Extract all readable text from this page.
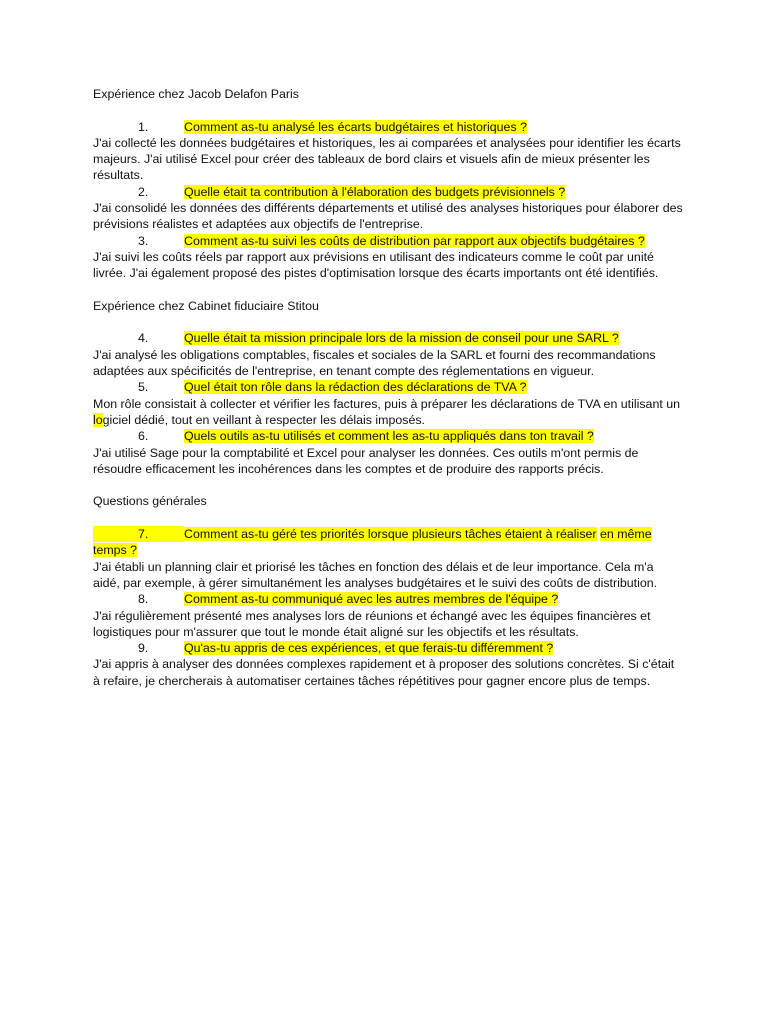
Expérience chez Jacob Delafon Paris

1.	Comment as-tu analysé les écarts budgétaires et historiques ?

J'ai collecté les données budgétaires et historiques, les ai comparées et analysées pour identifier les écarts majeurs. J'ai utilisé Excel pour créer des tableaux de bord clairs et visuels afin de mieux présenter les résultats.

2.	Quelle était ta contribution à l'élaboration des budgets prévisionnels ?

J'ai consolidé les données des différents départements et utilisé des analyses historiques pour élaborer des prévisions réalistes et adaptées aux objectifs de l'entreprise.

3.	Comment as-tu suivi les coûts de distribution par rapport aux objectifs budgétaires ?

J'ai suivi les coûts réels par rapport aux prévisions en utilisant des indicateurs comme le coût par unité livrée. J'ai également proposé des pistes d'optimisation lorsque des écarts importants ont été identifiés.

Expérience chez Cabinet fiduciaire Stitou

4.	Quelle était ta mission principale lors de la mission de conseil pour une SARL ?

J'ai analysé les obligations comptables, fiscales et sociales de la SARL et fourni des recommandations adaptées aux spécificités de l'entreprise, en tenant compte des réglementations en vigueur.

5.	Quel était ton rôle dans la rédaction des déclarations de TVA ?

Mon rôle consistait à collecter et vérifier les factures, puis à préparer les déclarations de TVA en utilisant un logiciel dédié, tout en veillant à respecter les délais imposés.

6.	Quels outils as-tu utilisés et comment les as-tu appliqués dans ton travail ?

J'ai utilisé Sage pour la comptabilité et Excel pour analyser les données. Ces outils m'ont permis de résoudre efficacement les incohérences dans les comptes et de produire des rapports précis.

Questions générales

7.	Comment as-tu géré tes priorités lorsque plusieurs tâches étaient à réaliser en même
temps ?

J'ai établi un planning clair et priorisé les tâches en fonction des délais et de leur importance. Cela m'a aidé, par exemple, à gérer simultanément les analyses budgétaires et le suivi des coûts de distribution.

8.	Comment as-tu communiqué avec les autres membres de l'équipe ?

J'ai régulièrement présenté mes analyses lors de réunions et échangé avec les équipes financières et logistiques pour m'assurer que tout le monde était aligné sur les objectifs et les résultats.

9.	Qu'as-tu appris de ces expériences, et que ferais-tu différemment ?

J'ai appris à analyser des données complexes rapidement et à proposer des solutions concrètes. Si c'était à refaire, je chercherais à automatiser certaines tâches répétitives pour gagner encore plus de temps.
